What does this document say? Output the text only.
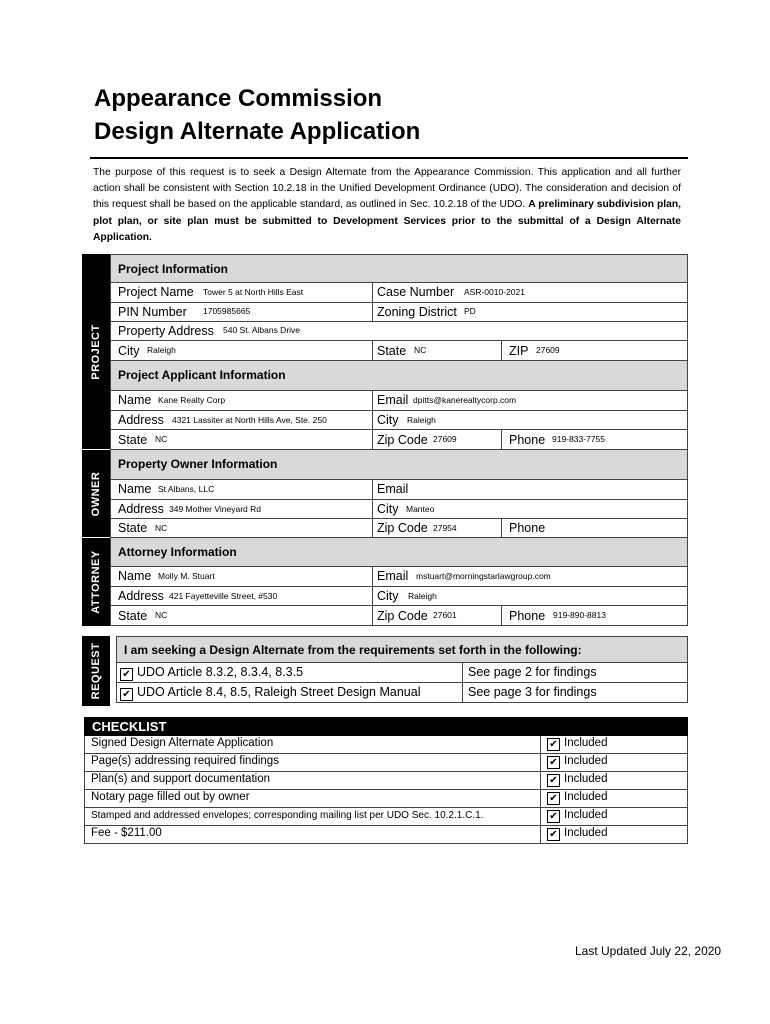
Appearance Commission
Design Alternate Application
The purpose of this request is to seek a Design Alternate from the Appearance Commission. This application and all further action shall be consistent with Section 10.2.18 in the Unified Development Ordinance (UDO). The consideration and decision of this request shall be based on the applicable standard, as outlined in Sec. 10.2.18 of the UDO. A preliminary subdivision plan, plot plan, or site plan must be submitted to Development Services prior to the submittal of a Design Alternate Application.
PROJECT
OWNER
ATTORNEY
REQUEST
Project Information
Project Name Tower 5 at North Hills East	Case Number ASR-0010-2021
PIN Number 1705985665	Zoning District PD
Property Address 540 St. Albans Drive
City Raleigh	State NC	ZIP 27609
Project Applicant Information
Name Kane Realty Corp	Email dpitts@kanerealtycorp.com
Address 4321 Lassiter at North Hills Ave, Ste. 250	City Raleigh
State NC	Zip Code 27609	Phone 919-833-7755
Property Owner Information
Name St Albans, LLC	Email
Address 349 Mother Vineyard Rd	City Manteo
State NC	Zip Code 27954	Phone
Attorney Information
Name Molly M. Stuart	Email mstuart@morningstarlawgroup.com
Address 421 Fayetteville Street, #530	City Raleigh
State NC	Zip Code 27601	Phone 919-890-8813
I am seeking a Design Alternate from the requirements set forth in the following:
✔ UDO Article 8.3.2, 8.3.4, 8.3.5	See page 2 for findings
✔ UDO Article 8.4, 8.5, Raleigh Street Design Manual	See page 3 for findings
CHECKLIST
Signed Design Alternate Application	✔ Included
Page(s) addressing required findings	✔ Included
Plan(s) and support documentation	✔ Included
Notary page filled out by owner	✔ Included
Stamped and addressed envelopes; corresponding mailing list per UDO Sec. 10.2.1.C.1.	✔ Included
Fee - $211.00	✔ Included
Last Updated July 22, 2020
